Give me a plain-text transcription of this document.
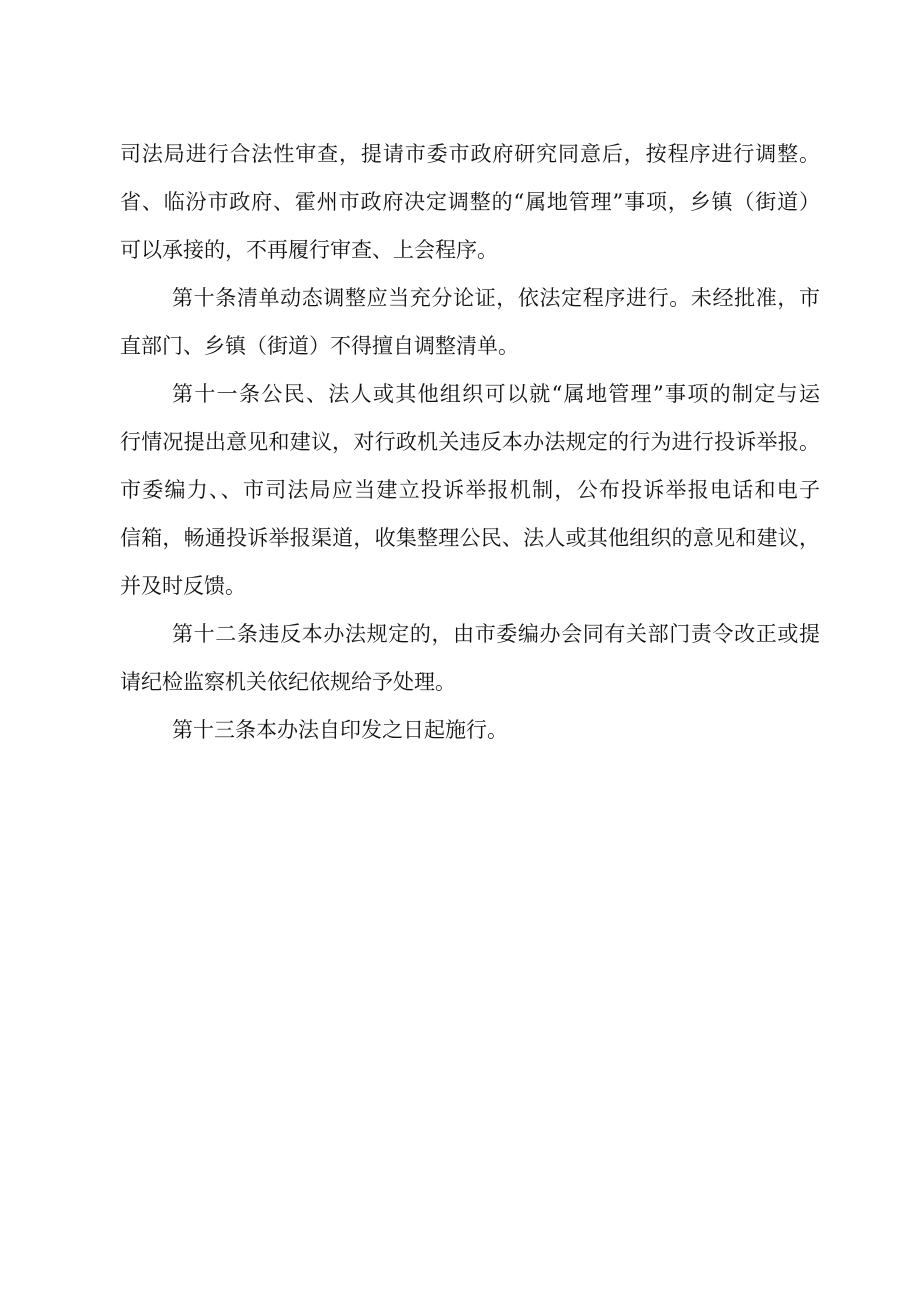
司法局进行合法性审查，提请市委市政府研究同意后，按程序进行调整。
省、临汾市政府、霍州市政府决定调整的“属地管理”事项，乡镇（街道）
可以承接的，不再履行审查、上会程序。
第十条清单动态调整应当充分论证，依法定程序进行。未经批准，市
直部门、乡镇（街道）不得擅自调整清单。
第十一条公民、法人或其他组织可以就“属地管理”事项的制定与运
行情况提出意见和建议，对行政机关违反本办法规定的行为进行投诉举报。
市委编力、、市司法局应当建立投诉举报机制，公布投诉举报电话和电子
信箱，畅通投诉举报渠道，收集整理公民、法人或其他组织的意见和建议，
并及时反馈。
第十二条违反本办法规定的，由市委编办会同有关部门责令改正或提
请纪检监察机关依纪依规给予处理。
第十三条本办法自印发之日起施行。
